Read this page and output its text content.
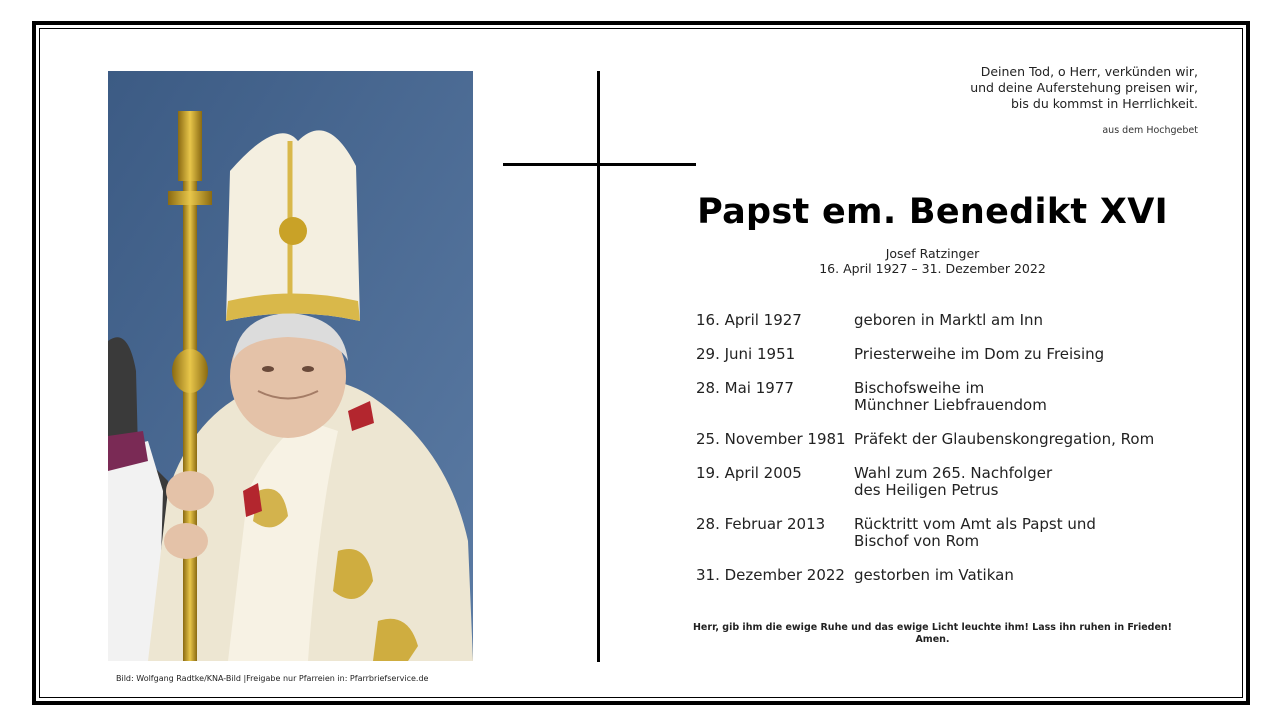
Bild: Wolfgang Radtke/KNA-Bild |Freigabe nur Pfarreien in: Pfarrbriefservice.de
Deinen Tod, o Herr, verkünden wir,
und deine Auferstehung preisen wir,
bis du kommst in Herrlichkeit.
aus dem Hochgebet
Papst em. Benedikt XVI
Josef Ratzinger
16. April 1927 – 31. Dezember 2022
16. April 1927	geboren in Marktl am Inn
29. Juni 1951	Priesterweihe im Dom zu Freising
28. Mai 1977	Bischofsweihe im
Münchner Liebfrauendom
25. November 1981 Präfekt der Glaubenskongregation, Rom
19. April 2005	Wahl zum 265. Nachfolger
des Heiligen Petrus
28. Februar 2013	Rücktritt vom Amt als Papst und
Bischof von Rom
31. Dezember 2022 gestorben im Vatikan
Herr, gib ihm die ewige Ruhe und das ewige Licht leuchte ihm! Lass ihn ruhen in Frieden!
Amen.
